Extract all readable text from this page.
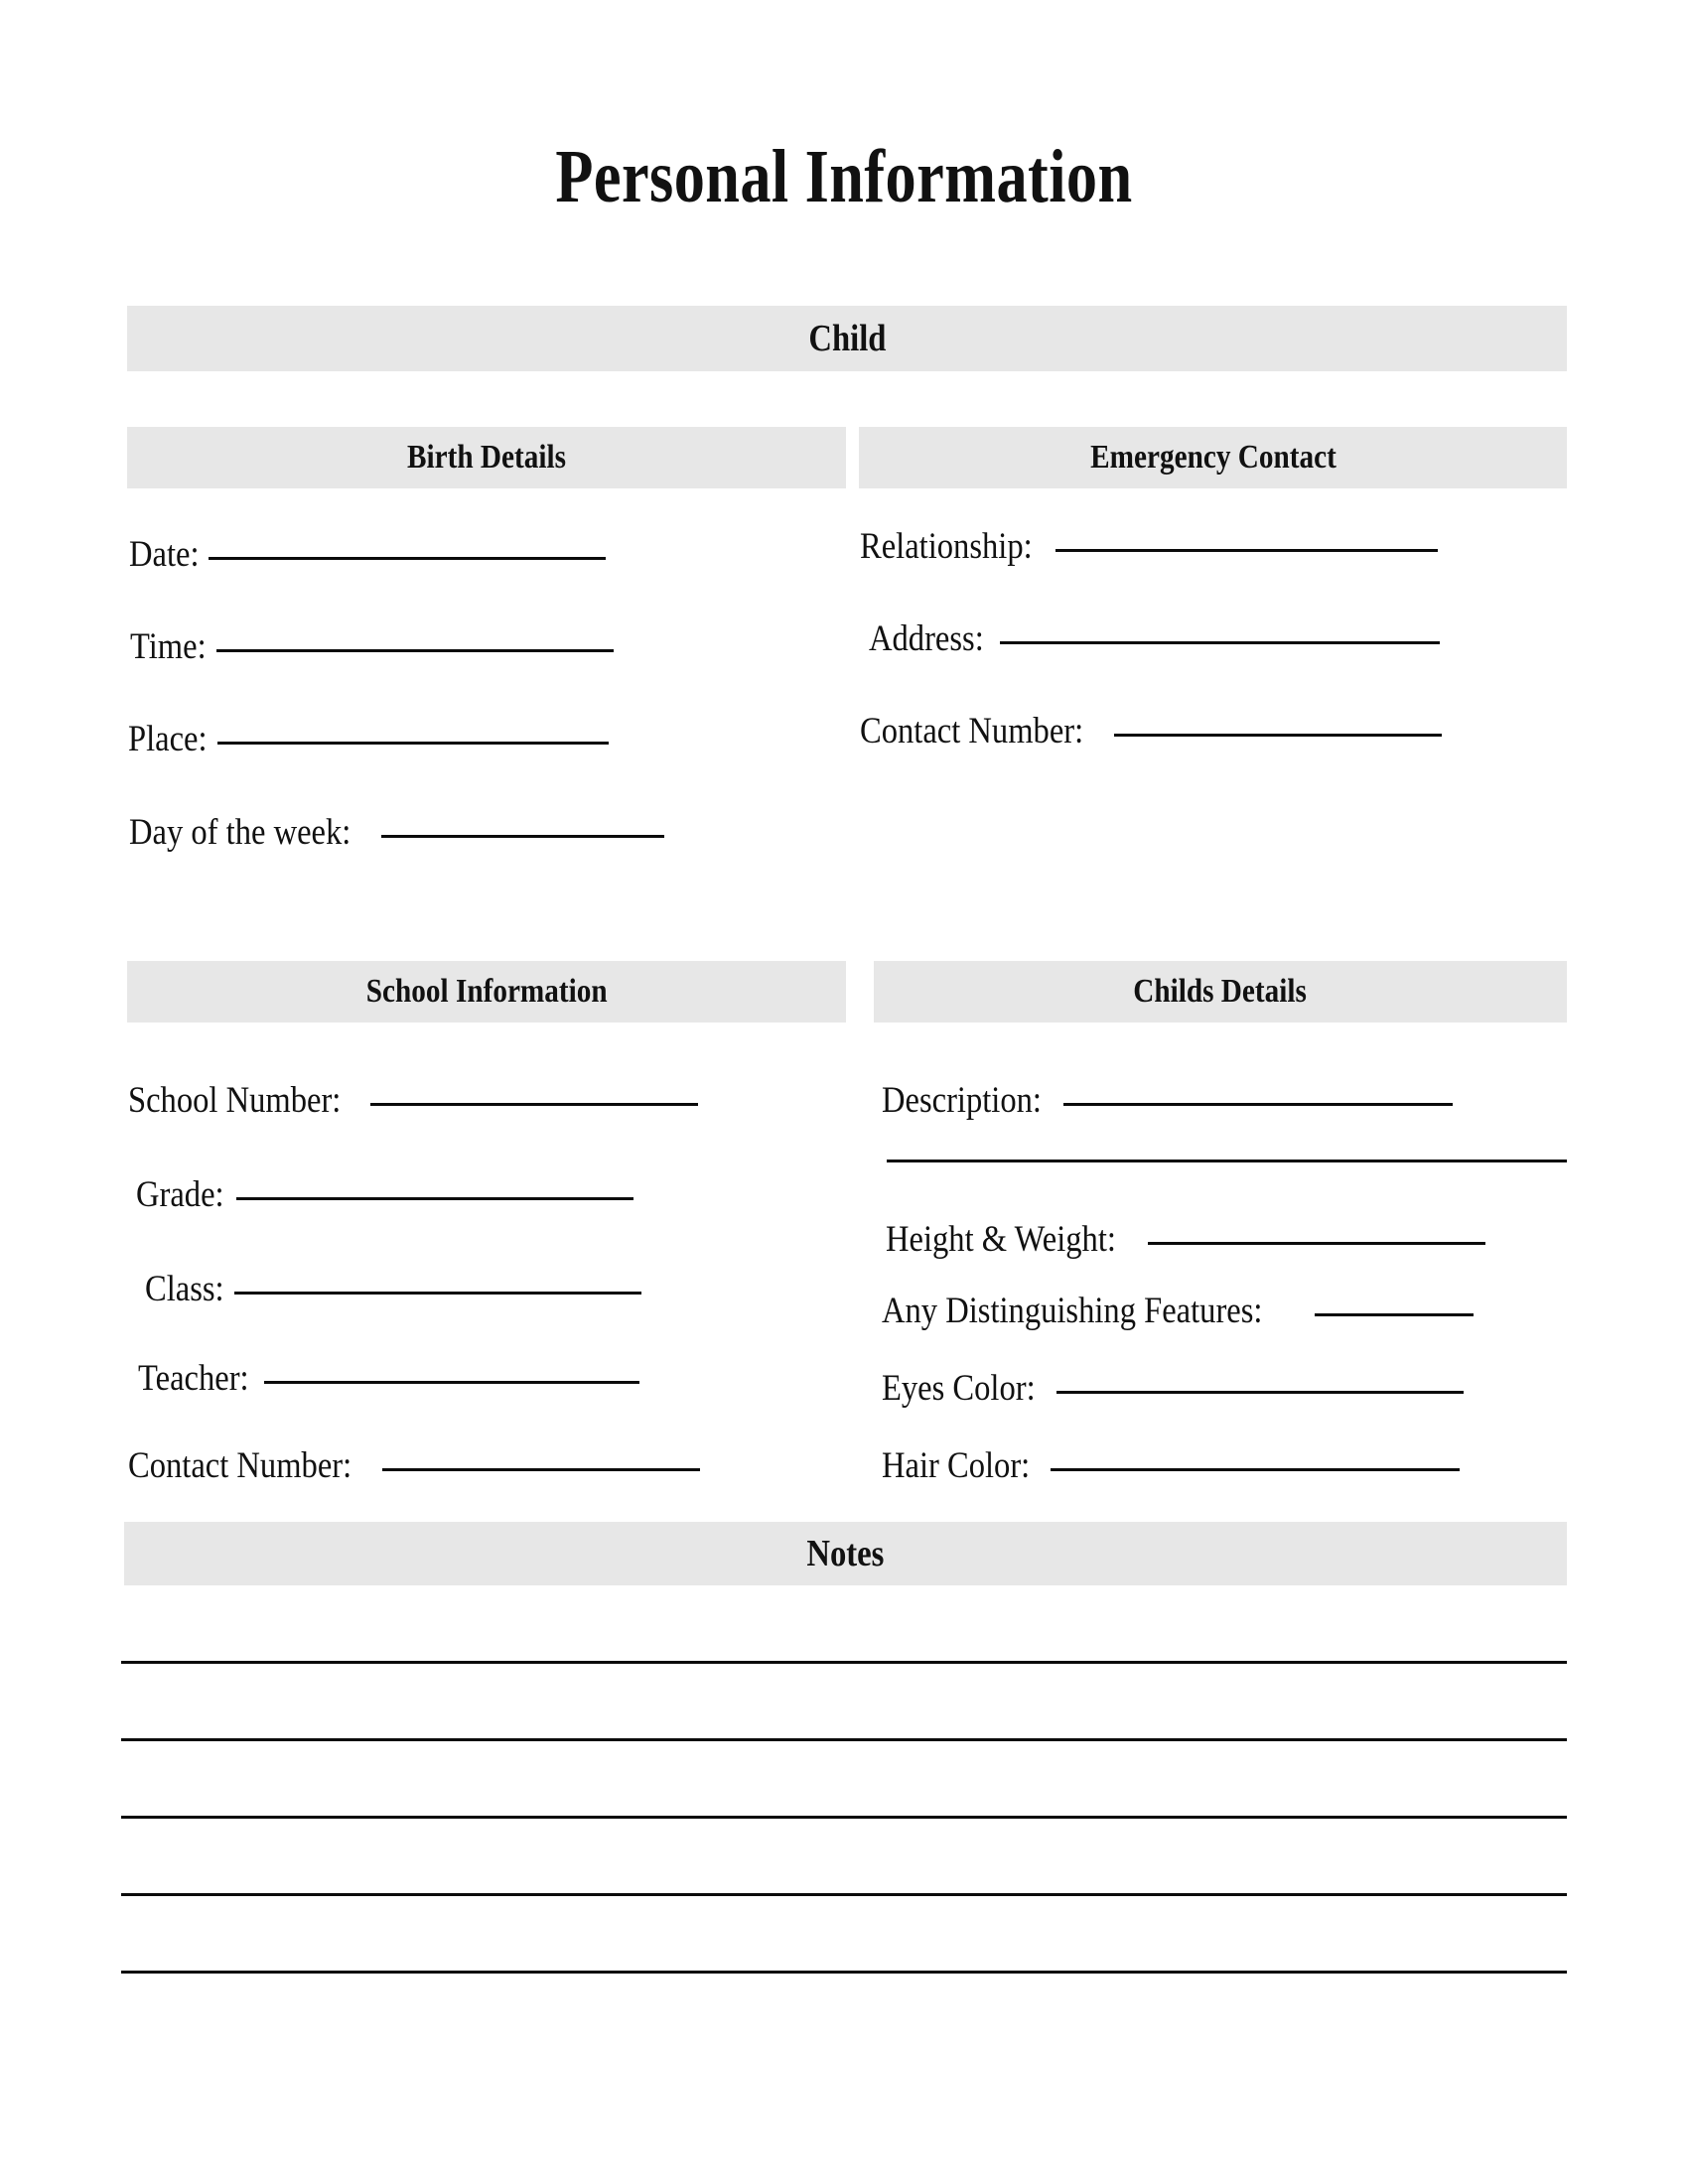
Personal Information
Child
Birth Details	Emergency Contact
Date:
Time:
Place:
Day of the week:
Relationship:
Address:
Contact Number:
School Information	Childs Details
School Number:
Grade:
Class:
Teacher:
Contact Number:
Description:
Height & Weight:
Any Distinguishing Features:
Eyes Color:
Hair Color:
Notes
